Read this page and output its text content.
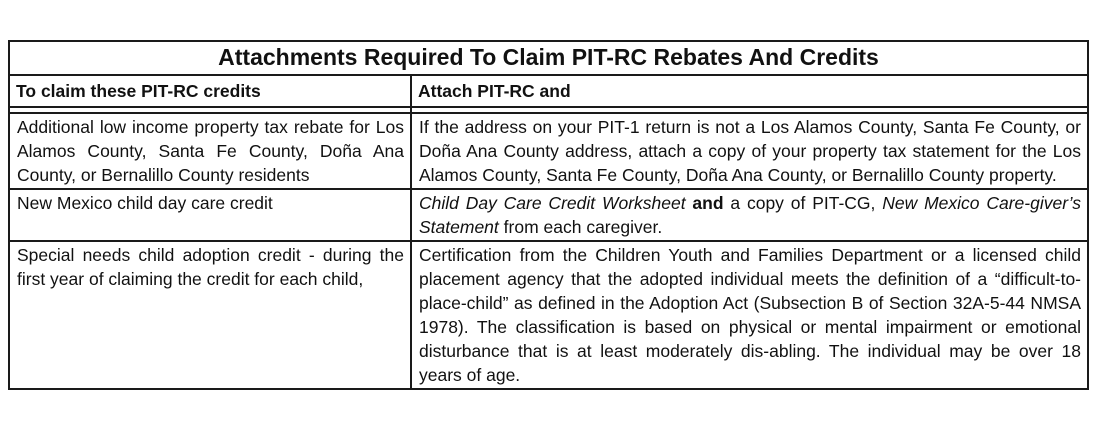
Attachments Required To Claim PIT-RC Rebates And Credits	
To claim these PIT-RC credits	Attach PIT-RC and

Additional low income property tax rebate for Los Alamos County, Santa Fe County, Doña Ana County, or Bernalillo County residents	If the address on your PIT-1 return is not a Los Alamos County, Santa Fe County, or Doña Ana County address, attach a copy of your property tax statement for the Los Alamos County, Santa Fe County, Doña Ana County, or Bernalillo County property.
New Mexico child day care credit	Child Day Care Credit Worksheet and a copy of PIT-CG, New Mexico Care-giver’s Statement from each caregiver.
Special needs child adoption credit - during the first year of claiming the credit for each child,	Certification from the Children Youth and Families Department or a licensed child placement agency that the adopted individual meets the definition of a “difficult-to-place-child” as defined in the Adoption Act (Subsection B of Section 32A-5-44 NMSA 1978). The classification is based on physical or mental impairment or emotional disturbance that is at least moderately dis-abling. The individual may be over 18 years of age.
